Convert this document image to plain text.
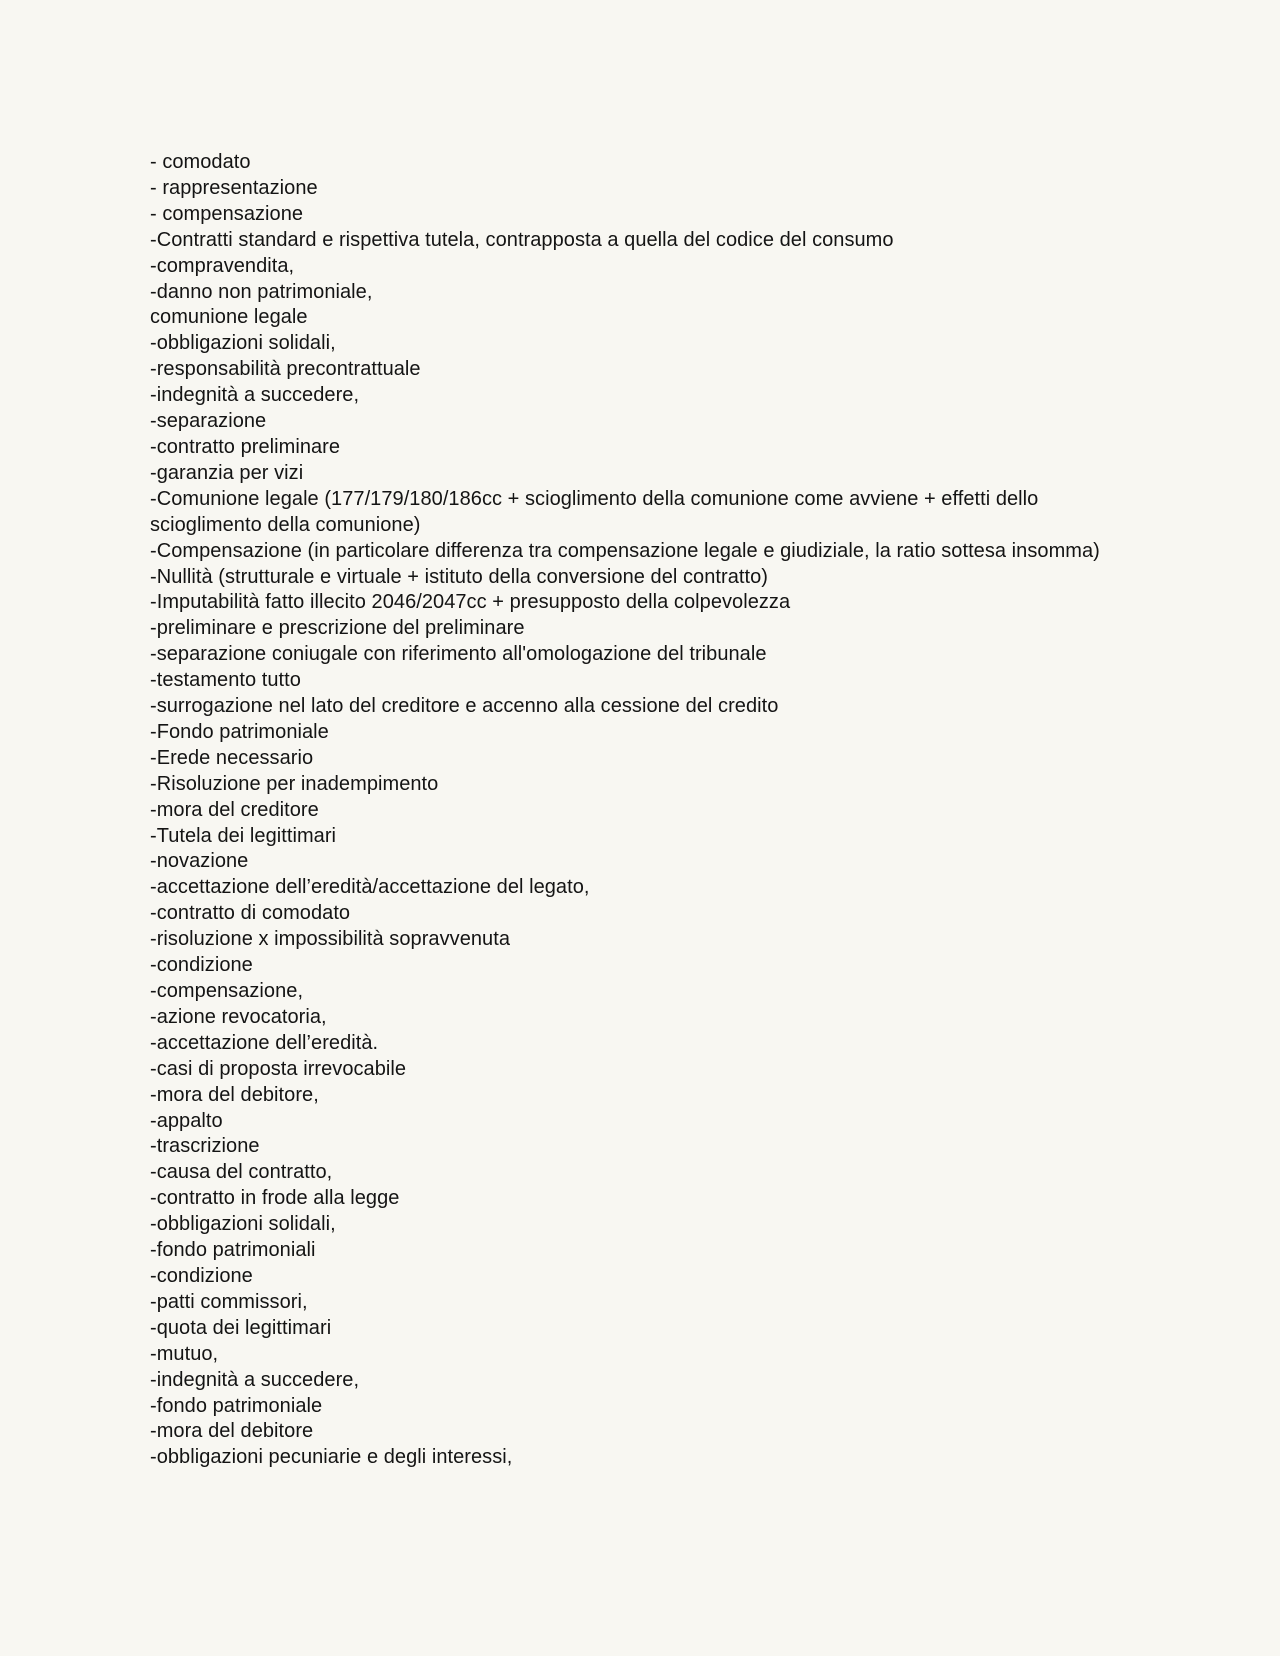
- comodato
- rappresentazione
- compensazione
-Contratti standard e rispettiva tutela, contrapposta a quella del codice del consumo
-compravendita,
-danno non patrimoniale,
comunione legale
-obbligazioni solidali,
-responsabilità precontrattuale
-indegnità a succedere,
-separazione
-contratto preliminare
-garanzia per vizi
-Comunione legale (177/179/180/186cc + scioglimento della comunione come avviene + effetti dello scioglimento della comunione)
-Compensazione (in particolare differenza tra compensazione legale e giudiziale, la ratio sottesa insomma)
-Nullità (strutturale e virtuale + istituto della conversione del contratto)
-Imputabilità fatto illecito 2046/2047cc + presupposto della colpevolezza
-preliminare e prescrizione del preliminare
-separazione coniugale con riferimento all'omologazione del tribunale
-testamento tutto
-surrogazione nel lato del creditore e accenno alla cessione del credito
-Fondo patrimoniale
-Erede necessario
-Risoluzione per inadempimento
-mora del creditore
-Tutela dei legittimari
-novazione
-accettazione dell’eredità/accettazione del legato,
-contratto di comodato
-risoluzione x impossibilità sopravvenuta
-condizione
-compensazione,
-azione revocatoria,
-accettazione dell’eredità.
-casi di proposta irrevocabile
-mora del debitore,
-appalto
-trascrizione
-causa del contratto,
-contratto in frode alla legge
-obbligazioni solidali,
-fondo patrimoniali
-condizione
-patti commissori,
-quota dei legittimari
-mutuo,
-indegnità a succedere,
-fondo patrimoniale
-mora del debitore
-obbligazioni pecuniarie e degli interessi,
